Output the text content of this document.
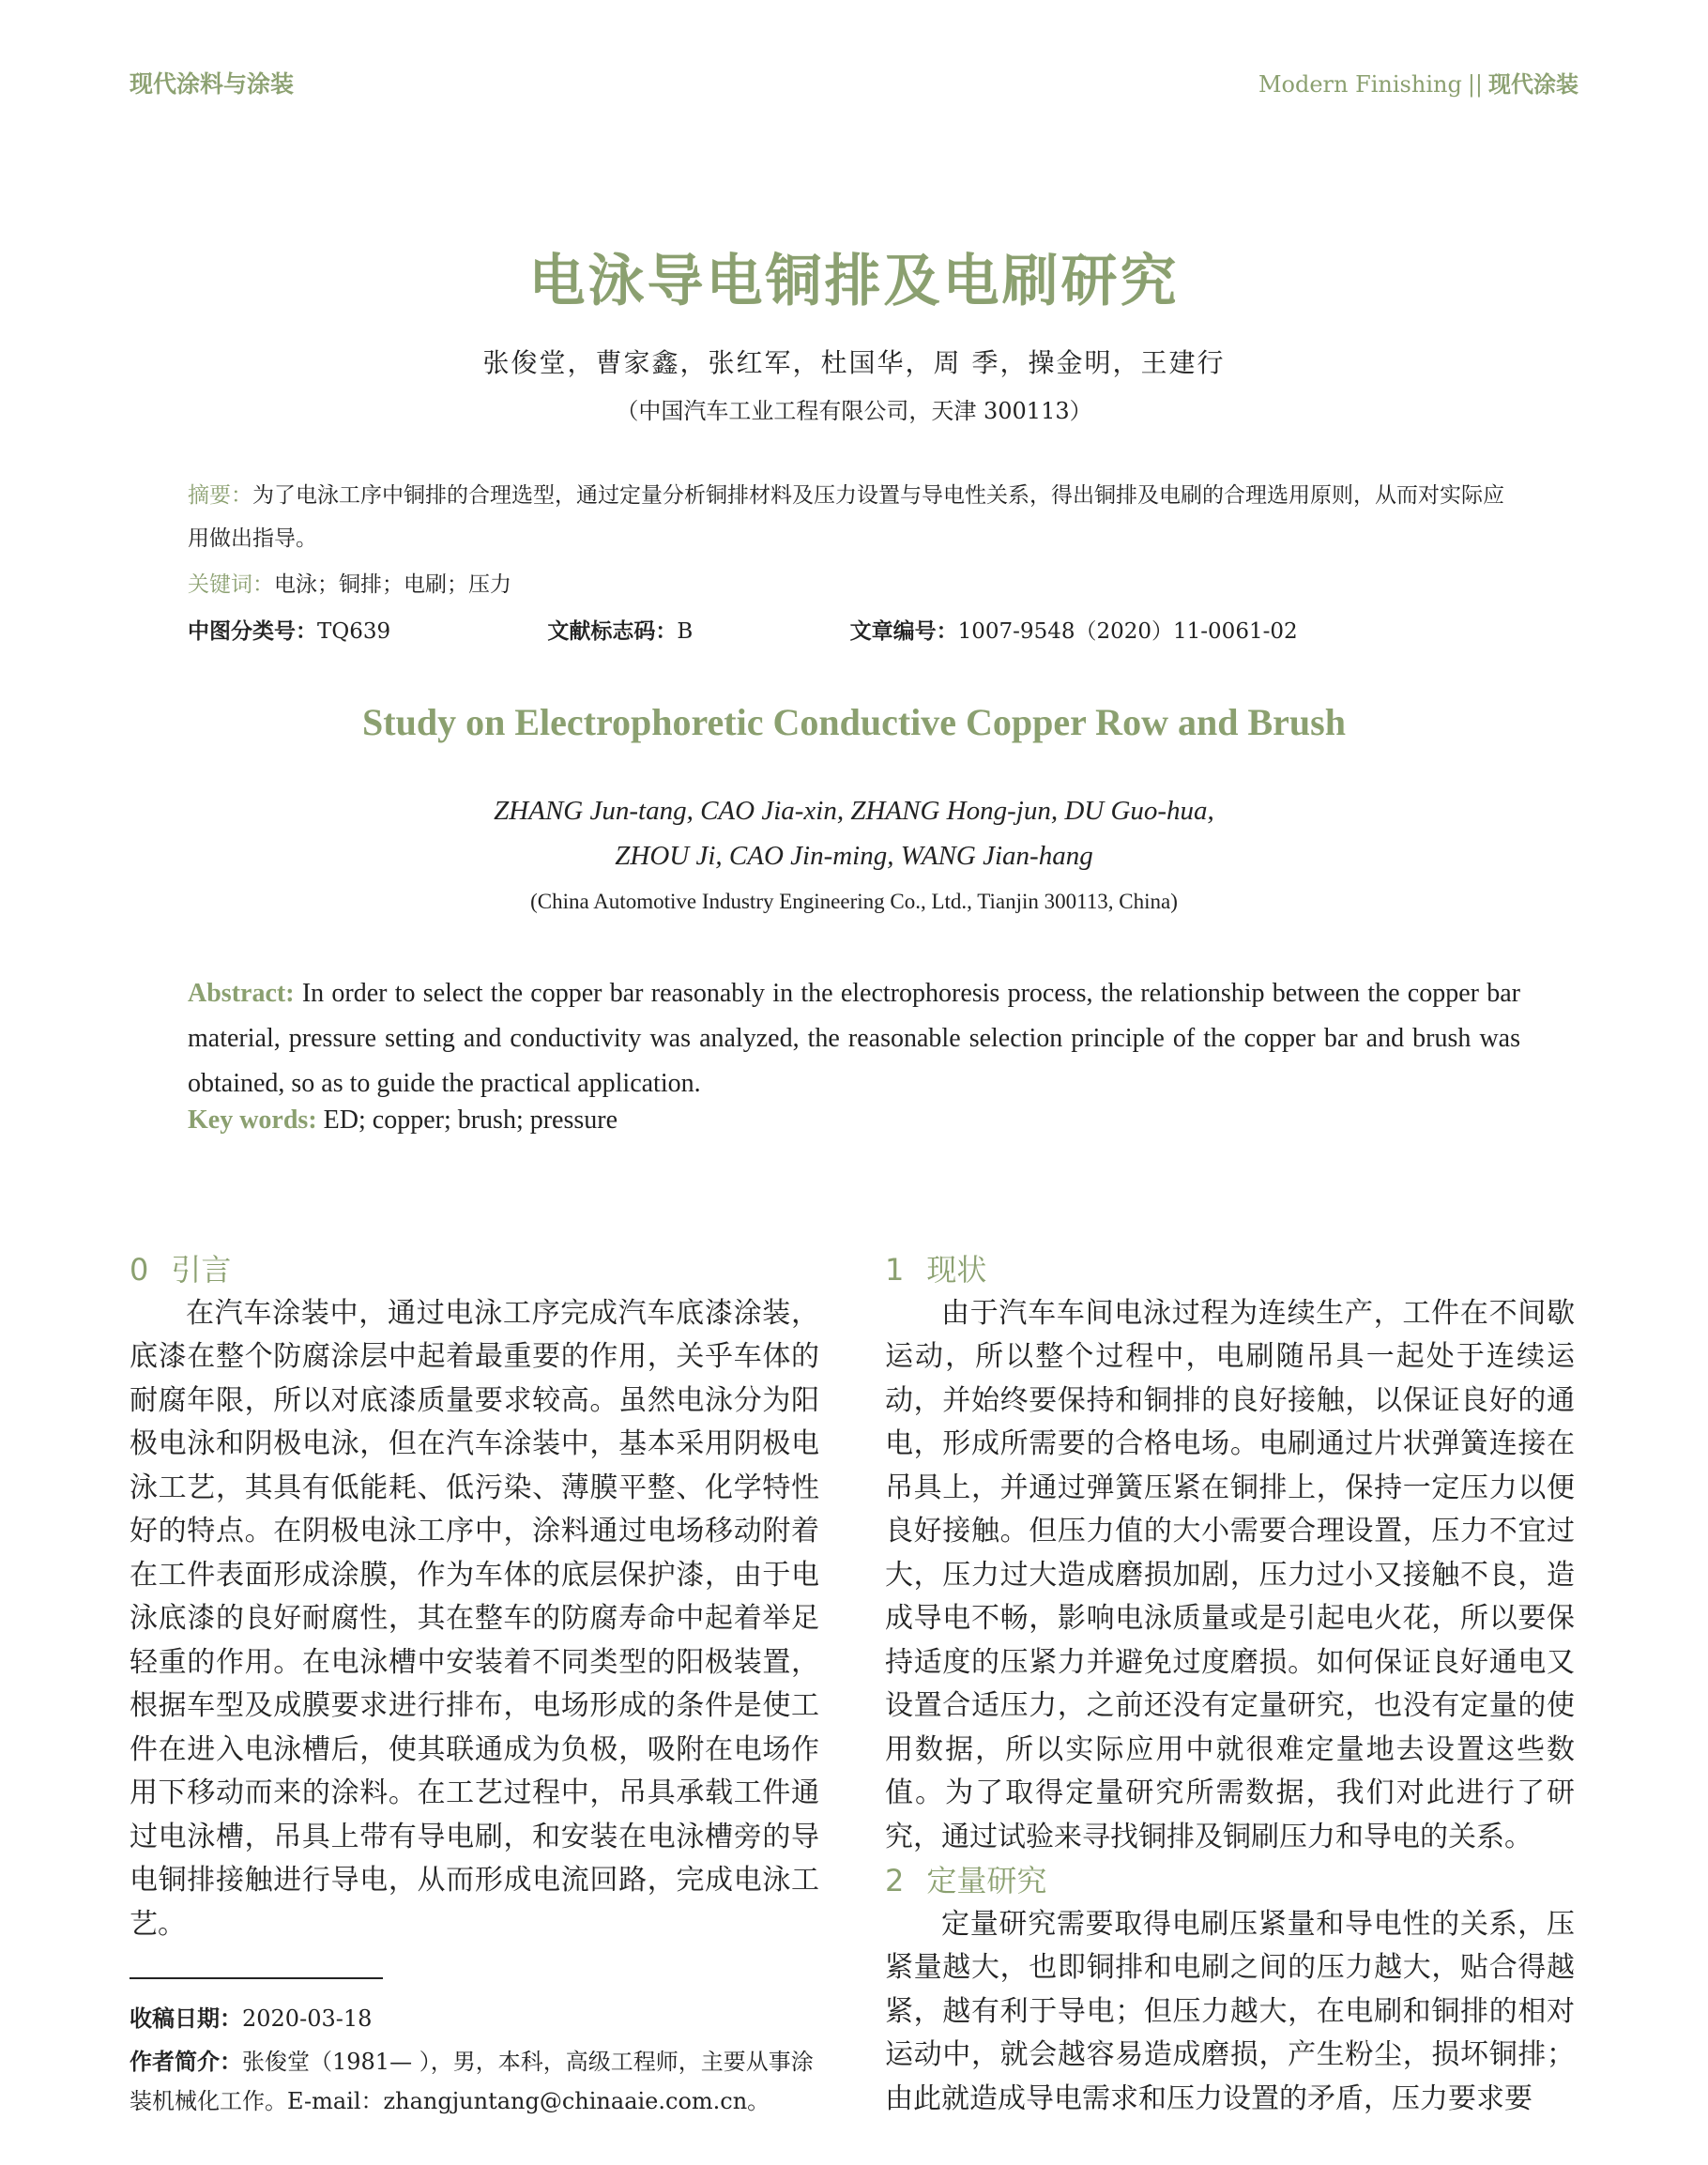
现代涂料与涂装	Modern Finishing || 现代涂装
电泳导电铜排及电刷研究
张俊堂，曹家鑫，张红军，杜国华，周 季，操金明，王建行
（中国汽车工业工程有限公司，天津 300113）
摘要：为了电泳工序中铜排的合理选型，通过定量分析铜排材料及压力设置与导电性关系，得出铜排及电刷的合理选用原则，从而对实际应用做出指导。
关键词：电泳；铜排；电刷；压力
中图分类号：TQ639	文献标志码：B	文章编号：1007-9548（2020）11-0061-02
Study on Electrophoretic Conductive Copper Row and Brush
ZHANG Jun-tang, CAO Jia-xin, ZHANG Hong-jun, DU Guo-hua,
ZHOU Ji, CAO Jin-ming, WANG Jian-hang
(China Automotive Industry Engineering Co., Ltd., Tianjin 300113, China)
Abstract: In order to select the copper bar reasonably in the electrophoresis process, the relationship between the copper bar material, pressure setting and conductivity was analyzed, the reasonable selection principle of the copper bar and brush was obtained, so as to guide the practical application.
Key words: ED; copper; brush; pressure
0 引言

在汽车涂装中，通过电泳工序完成汽车底漆涂装，底漆在整个防腐涂层中起着最重要的作用，关乎车体的耐腐年限，所以对底漆质量要求较高。虽然电泳分为阳极电泳和阴极电泳，但在汽车涂装中，基本采用阴极电泳工艺，其具有低能耗、低污染、薄膜平整、化学特性好的特点。在阴极电泳工序中，涂料通过电场移动附着在工件表面形成涂膜，作为车体的底层保护漆，由于电泳底漆的良好耐腐性，其在整车的防腐寿命中起着举足轻重的作用。在电泳槽中安装着不同类型的阳极装置，根据车型及成膜要求进行排布，电场形成的条件是使工件在进入电泳槽后，使其联通成为负极，吸附在电场作用下移动而来的涂料。在工艺过程中，吊具承载工件通过电泳槽，吊具上带有导电刷，和安装在电泳槽旁的导电铜排接触进行导电，从而形成电流回路，完成电泳工艺。

1 现状

由于汽车车间电泳过程为连续生产，工件在不间歇运动，所以整个过程中，电刷随吊具一起处于连续运动，并始终要保持和铜排的良好接触，以保证良好的通电，形成所需要的合格电场。电刷通过片状弹簧连接在吊具上，并通过弹簧压紧在铜排上，保持一定压力以便良好接触。但压力值的大小需要合理设置，压力不宜过大，压力过大造成磨损加剧，压力过小又接触不良，造成导电不畅，影响电泳质量或是引起电火花，所以要保持适度的压紧力并避免过度磨损。如何保证良好通电又设置合适压力，之前还没有定量研究，也没有定量的使用数据，所以实际应用中就很难定量地去设置这些数值。为了取得定量研究所需数据，我们对此进行了研究，通过试验来寻找铜排及铜刷压力和导电的关系。

2 定量研究

定量研究需要取得电刷压紧量和导电性的关系，压紧量越大，也即铜排和电刷之间的压力越大，贴合得越紧，越有利于导电；但压力越大，在电刷和铜排的相对运动中，就会越容易造成磨损，产生粉尘，损坏铜排；由此就造成导电需求和压力设置的矛盾，压力要求要

收稿日期：2020-03-18
作者简介：张俊堂（1981— ），男，本科，高级工程师，主要从事涂装机械化工作。E-mail：zhangjuntang@chinaaie.com.cn。
